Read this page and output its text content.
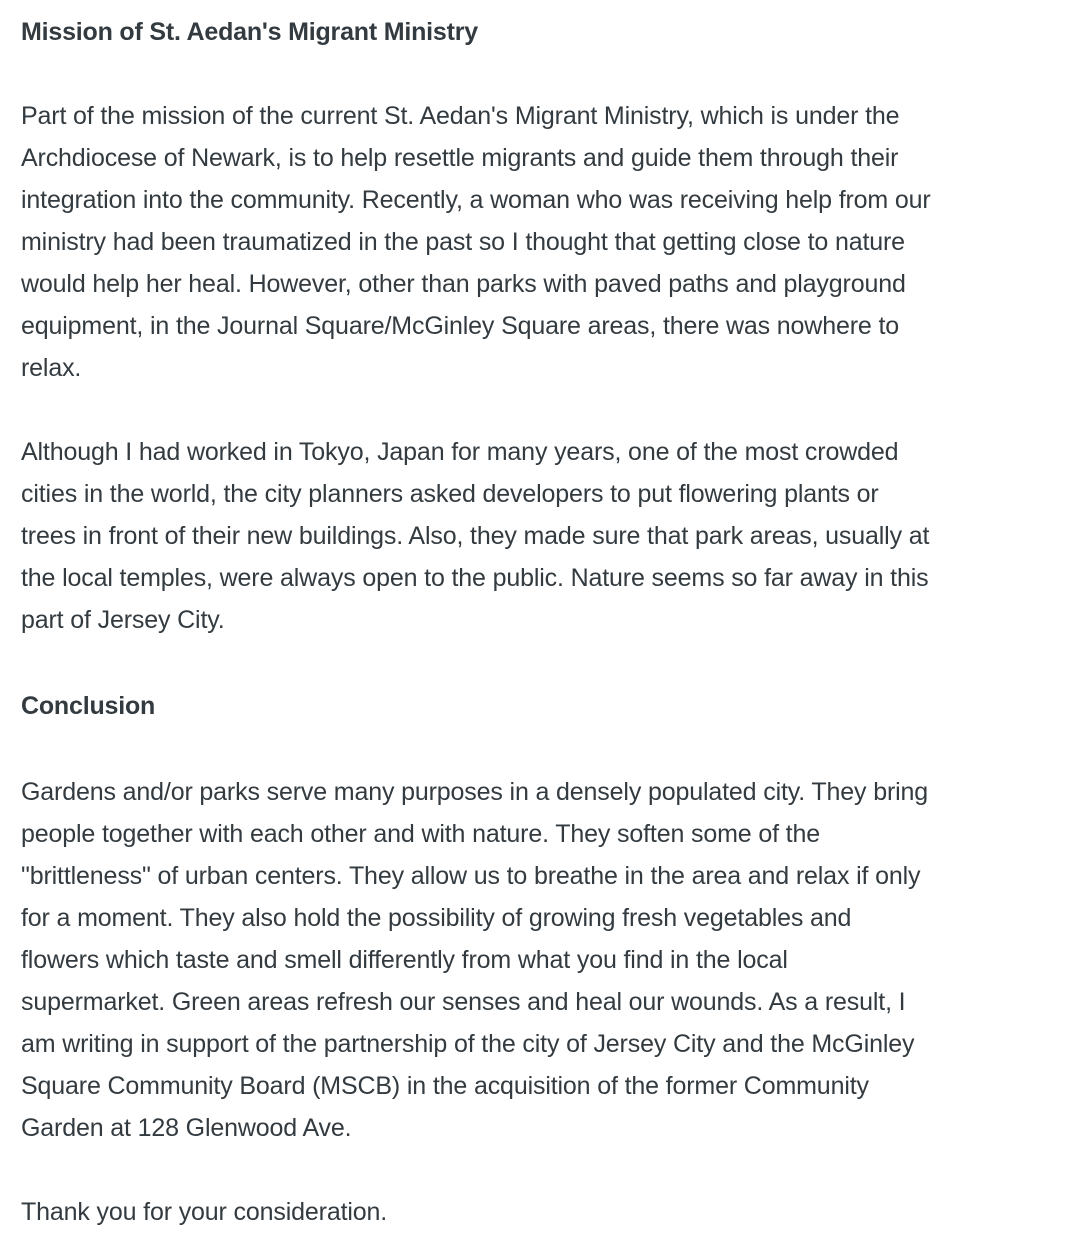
Mission of St. Aedan's Migrant Ministry

Part of the mission of the current St. Aedan's Migrant Ministry, which is under the
Archdiocese of Newark, is to help resettle migrants and guide them through their
integration into the community. Recently, a woman who was receiving help from our
ministry had been traumatized in the past so I thought that getting close to nature
would help her heal. However, other than parks with paved paths and playground
equipment, in the Journal Square/McGinley Square areas, there was nowhere to
relax.

Although I had worked in Tokyo, Japan for many years, one of the most crowded
cities in the world, the city planners asked developers to put flowering plants or
trees in front of their new buildings. Also, they made sure that park areas, usually at
the local temples, were always open to the public. Nature seems so far away in this
part of Jersey City.

Conclusion

Gardens and/or parks serve many purposes in a densely populated city. They bring
people together with each other and with nature. They soften some of the
"brittleness" of urban centers. They allow us to breathe in the area and relax if only
for a moment. They also hold the possibility of growing fresh vegetables and
flowers which taste and smell differently from what you find in the local
supermarket. Green areas refresh our senses and heal our wounds. As a result, I
am writing in support of the partnership of the city of Jersey City and the McGinley
Square Community Board (MSCB) in the acquisition of the former Community
Garden at 128 Glenwood Ave.

Thank you for your consideration.
